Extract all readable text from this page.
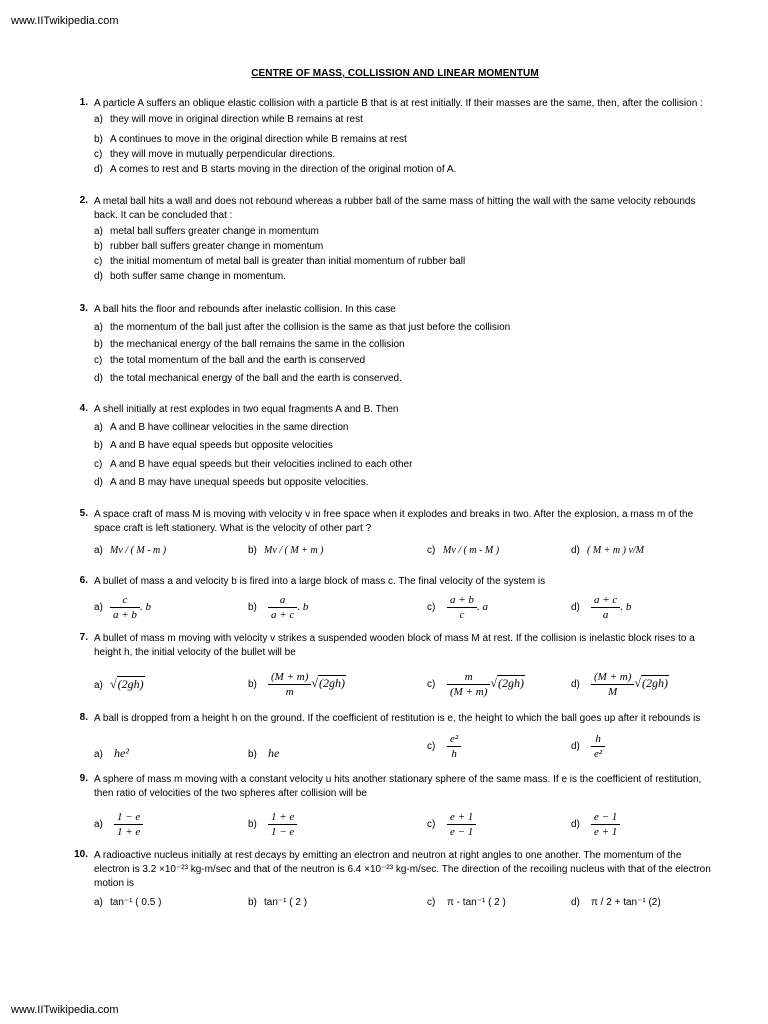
www.IITwikipedia.com
CENTRE OF MASS, COLLISSION AND LINEAR MOMENTUM
1. A particle A suffers an oblique elastic collision with a particle B that is at rest initially. If their masses are the same, then, after the collision :
a) they will move in original direction while B remains at rest
b) A continues to move in the original direction while B remains at rest
c) they will move in mutually perpendicular directions.
d) A comes to rest and B starts moving in the direction of the original motion of A.
2. A metal ball hits a wall and does not rebound whereas a rubber ball of the same mass of hitting the wall with the same velocity rebounds back. It can be concluded that :
a) metal ball suffers greater change in momentum
b) rubber ball suffers greater change in momentum
c) the initial momentum of metal ball is greater than initial momentum of rubber ball
d) both suffer same change in momentum.
3. A ball hits the floor and rebounds after inelastic collision. In this case
a) the momentum of the ball just after the collision is the same as that just before the collision
b) the mechanical energy of the ball remains the same in the collision
c) the total momentum of the ball and the earth is conserved
d) the total mechanical energy of the ball and the earth is conserved.
4. A shell initially at rest explodes in two equal fragments A and B. Then
a) A and B have collinear velocities in the same direction
b) A and B have equal speeds but opposite velocities
c) A and B have equal speeds but their velocities inclined to each other
d) A and B may have unequal speeds but opposite velocities.
5. A space craft of mass M is moving with velocity v in free space when it explodes and breaks in two. After the explosion, a mass m of the space craft is left stationery. What is the velocity of other part ?
a) Mv / ( M - m )	b) Mv / ( M + m )	c) Mv / ( m - M )	d) ( M + m ) v/M
6. A bullet of mass a and velocity b is fired into a large block of mass c. The final velocity of the system is
$a) \frac{c}{a + b}$ . b	$b) \frac{a}{a + c}$ . b	$c) \frac{a + b}{c}$ . a	$d) \frac{a + c}{a}$ . b
7. A bullet of mass m moving with velocity v strikes a suspended wooden block of mass M at rest. If the collision is inelastic block rises to a height h, the initial velocity of the bullet will be
a) √(2gh)	$b) \frac{(M + m)}{m} √(2gh)$	$c) \frac{m}{(M + m)} √(2gh)$	$d) \frac{(M + m)}{M} √(2gh)$
8. A ball is dropped from a height h on the ground. If the coefficient of restitution is e, the height to which the ball goes up after it rebounds is
a) he²	b) he	$c) \frac{\text{e²}}{h}$	$d) \frac{h}{\text{e²}}$
9. A sphere of mass m moving with a constant velocity u hits another stationary sphere of the same mass. If e is the coefficient of restitution, then ratio of velocities of the two spheres after collision will be
$a) \frac{1 - e}{1 + e}$	$b) \frac{1 + e}{1 - e}$	$c) \frac{e + 1}{e - 1}$	$d) \frac{e - 1}{e + 1}$
10. A radioactive nucleus initially at rest decays by emitting an electron and neutron at right angles to one another. The momentum of the electron is 3.2 ×10⁻²³ kg-m/sec and that of the neutron is 6.4 ×10⁻²³ kg-m/sec. The direction of the recoiling nucleus with that of the electron motion is
a) tan⁻¹ ( 0.5 )	b) tan⁻¹ ( 2 )	c) π - tan⁻¹ ( 2 )	d) π / 2 + tan⁻¹ (2)
www.IITwikipedia.com
